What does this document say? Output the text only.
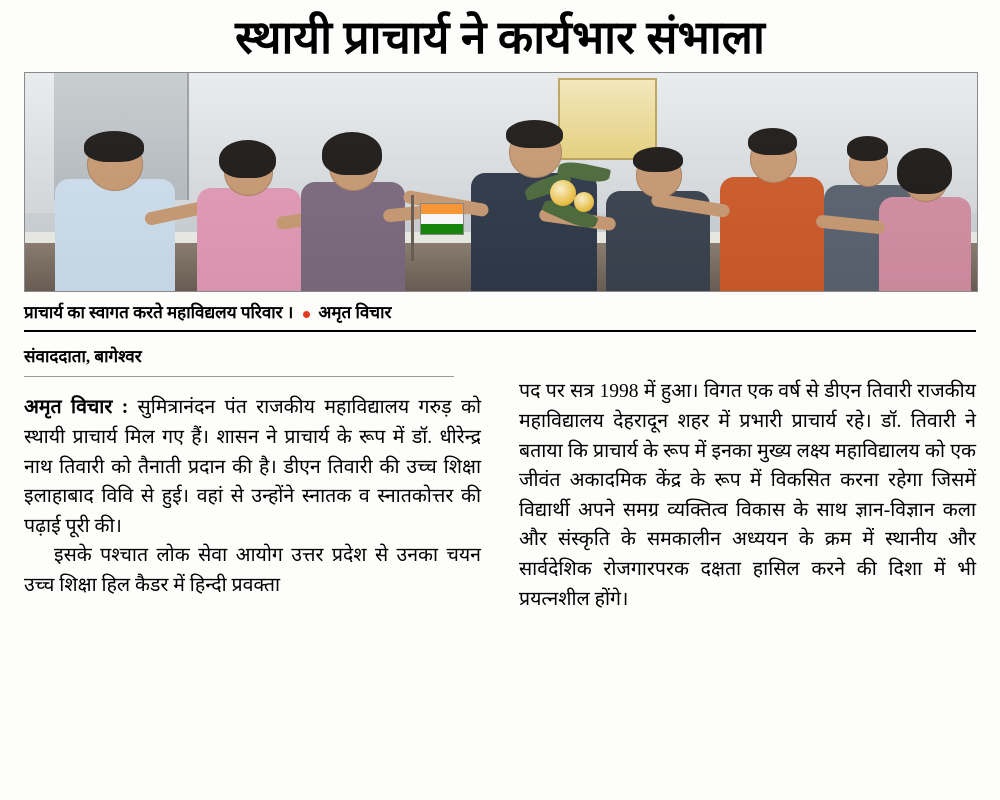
स्थायी प्राचार्य ने कार्यभार संभाला
प्राचार्य का स्वागत करते महाविद्यलय परिवार । अमृत विचार
संवाददाता, बागेश्वर

अमृत विचार : सुमित्रानंदन पंत राजकीय महाविद्यालय गरुड़ को स्थायी प्राचार्य मिल गए हैं। शासन ने प्राचार्य के रूप में डॉ. धीरेन्द्र नाथ तिवारी को तैनाती प्रदान की है। डीएन तिवारी की उच्च शिक्षा इलाहाबाद विवि से हुई। वहां से उन्होंने स्नातक व स्नातकोत्तर की पढ़ाई पूरी की।

इसके पश्चात लोक सेवा आयोग उत्तर प्रदेश से उनका चयन उच्च शिक्षा हिल कैडर में हिन्दी प्रवक्ता

पद पर सत्र 1998 में हुआ। विगत एक वर्ष से डीएन तिवारी राजकीय महाविद्यालय देहरादून शहर में प्रभारी प्राचार्य रहे। डॉ. तिवारी ने बताया कि प्राचार्य के रूप में इनका मुख्य लक्ष्य महाविद्यालय को एक जीवंत अकादमिक केंद्र के रूप में विकसित करना रहेगा जिसमें विद्यार्थी अपने समग्र व्यक्तित्व विकास के साथ ज्ञान-विज्ञान कला और संस्कृति के समकालीन अध्ययन के क्रम में स्थानीय और सार्वदेशिक रोजगारपरक दक्षता हासिल करने की दिशा में भी प्रयत्नशील होंगे।
